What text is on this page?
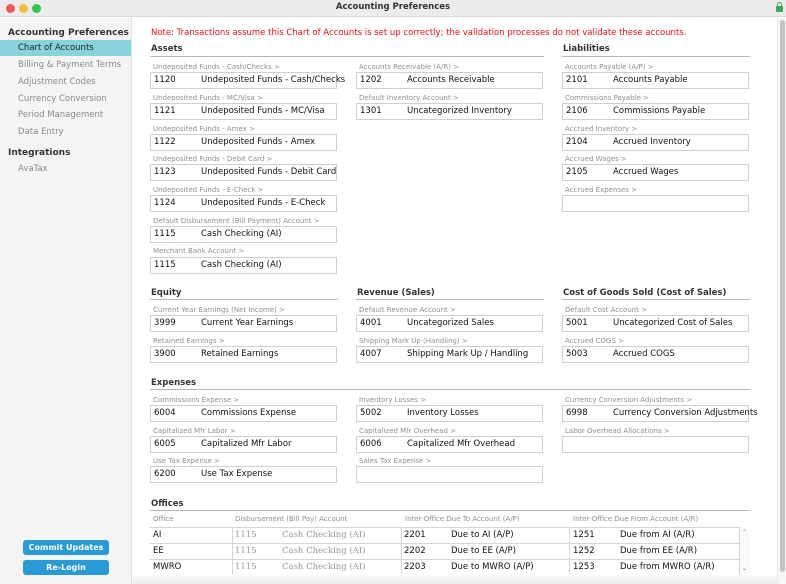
Accounting Preferences
Accounting Preferences
Chart of Accounts
Billing & Payment Terms
Adjustment Codes
Currency Conversion
Period Management
Data Entry
Integrations
AvaTax
Commit Updates
Re-Login
Note: Transactions assume this Chart of Accounts is set up correctly; the validation processes do not validate these accounts.
Assets
Undeposited Funds - Cash/Checks >
1120	Undeposited Funds - Cash/Checks
Undeposited Funds - MC/Visa >
1121	Undeposited Funds - MC/Visa
Undeposited Funds - Amex >
1122	Undeposited Funds - Amex
Undeposited Funds - Debit Card >
1123	Undeposited Funds - Debit Card
Undeposited Funds - E-Check >
1124	Undeposited Funds - E-Check
Default Disbursement (Bill Payment) Account >
1115	Cash Checking (AI)
Merchant Bank Account >
1115	Cash Checking (AI)
Accounts Receivable (A/R) >
1202	Accounts Receivable
Default Inventory Account >
1301	Uncategorized Inventory
Liabilities
Accounts Payable (A/P) >
2101	Accounts Payable
Commissions Payable >
2106	Commissions Payable
Accrued Inventory >
2104	Accrued Inventory
Accrued Wages >
2105	Accrued Wages
Accrued Expenses >
Equity
Current Year Earnings (Net Income) >
3999	Current Year Earnings
Retained Earnings >
3900	Retained Earnings
Revenue (Sales)
Default Revenue Account >
4001	Uncategorized Sales
Shipping Mark Up (Handling) >
4007	Shipping Mark Up / Handling
Cost of Goods Sold (Cost of Sales)
Default Cost Account >
5001	Uncategorized Cost of Sales
Accrued COGS >
5003	Accrued COGS
Expenses
Commissions Expense >
6004	Commissions Expense
Capitalized Mfr Labor >
6005	Capitalized Mfr Labor
Use Tax Expense >
6200	Use Tax Expense
Inventory Losses >
5002	Inventory Losses
Capitalized Mfr Overhead >
6006	Capitalized Mfr Overhead
Sales Tax Expense >
Currency Conversion Adjustments >
6998	Currency Conversion Adjustments
Labor Overhead Allocations >
Offices
Office	Disbursement (Bill Pay) Account	Inter-Office Due To Account (A/P)	Inter-Office Due From Account (A/R)
AI	1115	Cash Checking (AI)	2201	Due to AI (A/P)	1251	Due from AI (A/R)
EE	1115	Cash Checking (AI)	2202	Due to EE (A/P)	1252	Due from EE (A/R)
MWRO	1115	Cash Checking (AI)	2203	Due to MWRO (A/P)	1253	Due from MWRO (A/R)
⌃
⌄
